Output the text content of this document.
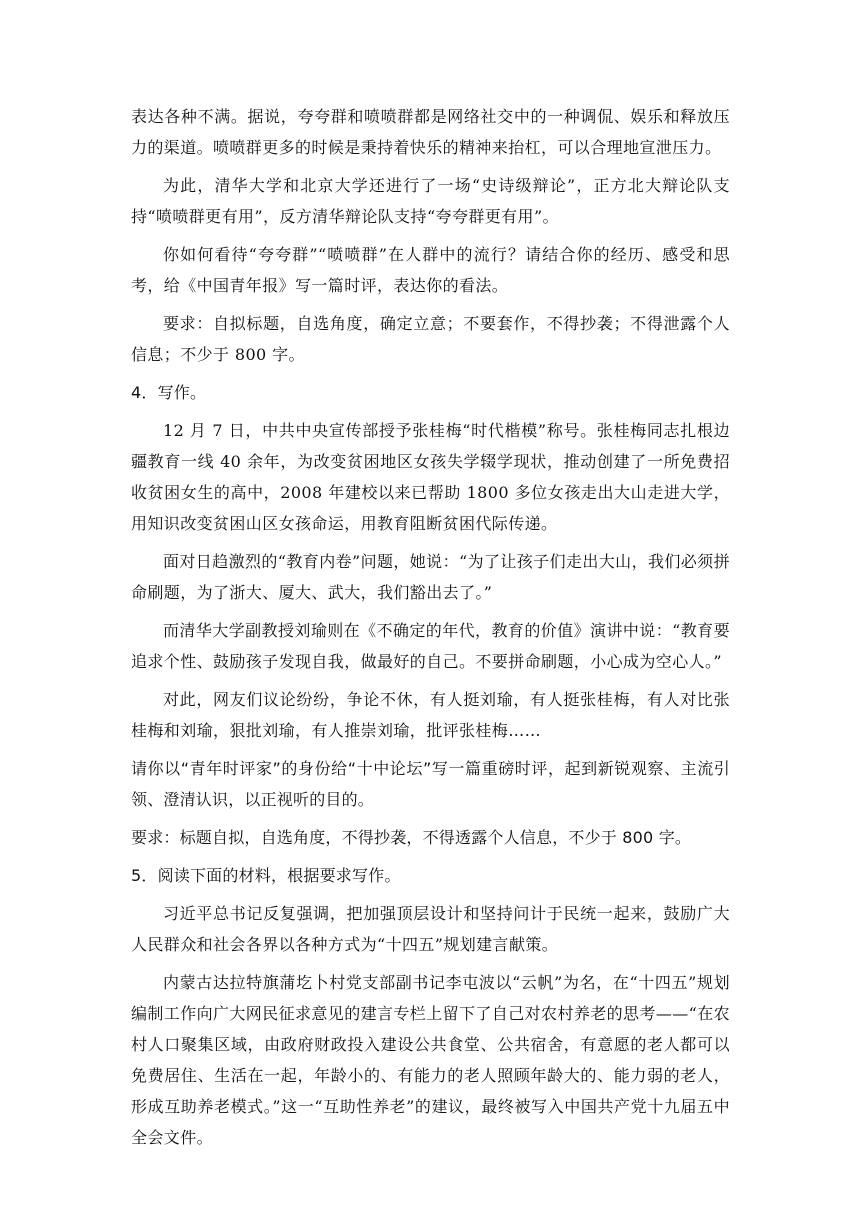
表达各种不满。据说，夸夸群和喷喷群都是网络社交中的一种调侃、娱乐和释放压力的渠道。喷喷群更多的时候是秉持着快乐的精神来抬杠，可以合理地宣泄压力。

为此，清华大学和北京大学还进行了一场“史诗级辩论”，正方北大辩论队支持“喷喷群更有用”，反方清华辩论队支持“夸夸群更有用”。

你如何看待“夸夸群”“喷喷群”在人群中的流行？请结合你的经历、感受和思考，给《中国青年报》写一篇时评，表达你的看法。

要求：自拟标题，自选角度，确定立意；不要套作，不得抄袭；不得泄露个人信息；不少于 800 字。

4．写作。

12 月 7 日，中共中央宣传部授予张桂梅“时代楷模”称号。张桂梅同志扎根边疆教育一线 40 余年，为改变贫困地区女孩失学辍学现状，推动创建了一所免费招收贫困女生的高中，2008 年建校以来已帮助 1800 多位女孩走出大山走进大学，用知识改变贫困山区女孩命运，用教育阻断贫困代际传递。

面对日趋激烈的“教育内卷”问题，她说：“为了让孩子们走出大山，我们必须拼命刷题，为了浙大、厦大、武大，我们豁出去了。”

而清华大学副教授刘瑜则在《不确定的年代，教育的价值》演讲中说：“教育要追求个性、鼓励孩子发现自我，做最好的自己。不要拼命刷题，小心成为空心人。”

对此，网友们议论纷纷，争论不休，有人挺刘瑜，有人挺张桂梅，有人对比张桂梅和刘瑜，狠批刘瑜，有人推崇刘瑜，批评张桂梅……

请你以“青年时评家”的身份给“十中论坛”写一篇重磅时评，起到新锐观察、主流引领、澄清认识，以正视听的目的。

要求：标题自拟，自选角度，不得抄袭，不得透露个人信息，不少于 800 字。

5．阅读下面的材料，根据要求写作。

习近平总书记反复强调，把加强顶层设计和坚持问计于民统一起来，鼓励广大人民群众和社会各界以各种方式为“十四五”规划建言献策。

内蒙古达拉特旗蒲圪卜村党支部副书记李屯波以“云帆”为名，在“十四五”规划编制工作向广大网民征求意见的建言专栏上留下了自己对农村养老的思考——“在农村人口聚集区域，由政府财政投入建设公共食堂、公共宿舍，有意愿的老人都可以免费居住、生活在一起，年龄小的、有能力的老人照顾年龄大的、能力弱的老人，形成互助养老模式。”这一“互助性养老”的建议，最终被写入中国共产党十九届五中全会文件。
